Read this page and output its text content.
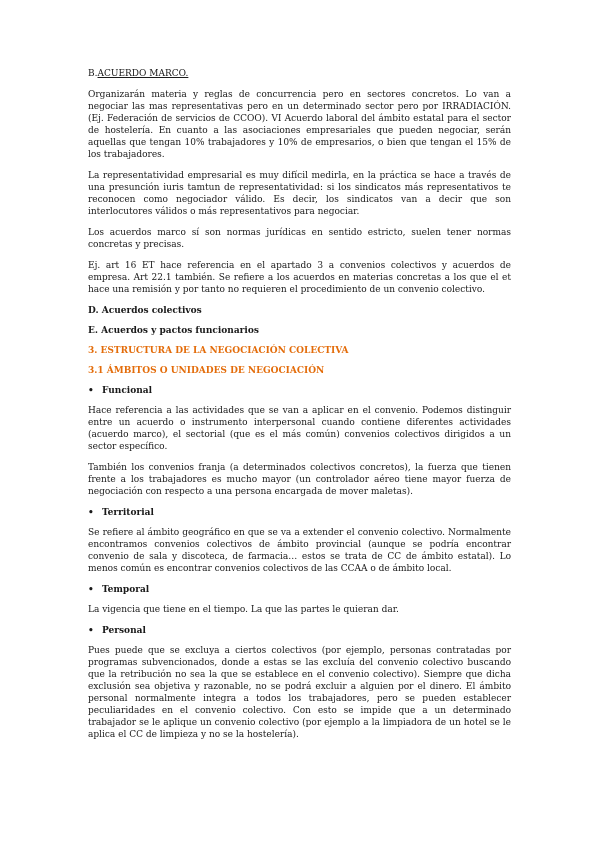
B.ACUERDO MARCO.

Organizarán materia y reglas de concurrencia pero en sectores concretos. Lo van a negociar las mas representativas pero en un determinado sector pero por IRRADIACIÓN. (Ej. Federación de servicios de CCOO). VI Acuerdo laboral del ámbito estatal para el sector de hostelería. En cuanto a las asociaciones empresariales que pueden negociar, serán aquellas que tengan 10% trabajadores y 10% de empresarios, o bien que tengan el 15% de los trabajadores.

La representatividad empresarial es muy difícil medirla, en la práctica se hace a través de una presunción iuris tamtun de representatividad: si los sindicatos más representativos te reconocen como negociador válido. Es decir, los sindicatos van a decir que son interlocutores válidos o más representativos para negociar.

Los acuerdos marco sí son normas jurídicas en sentido estricto, suelen tener normas concretas y precisas.

Ej. art 16 ET hace referencia en el apartado 3 a convenios colectivos y acuerdos de empresa. Art 22.1 también. Se refiere a los acuerdos en materias concretas a los que el et hace una remisión y por tanto no requieren el procedimiento de un convenio colectivo.

D. Acuerdos colectivos

E. Acuerdos y pactos funcionarios

3. ESTRUCTURA DE LA NEGOCIACIÓN COLECTIVA

3.1 ÁMBITOS O UNIDADES DE NEGOCIACIÓN

• Funcional

Hace referencia a las actividades que se van a aplicar en el convenio. Podemos distinguir entre un acuerdo o instrumento interpersonal cuando contiene diferentes actividades (acuerdo marco), el sectorial (que es el más común) convenios colectivos dirigidos a un sector específico.

También los convenios franja (a determinados colectivos concretos), la fuerza que tienen frente a los trabajadores es mucho mayor (un controlador aéreo tiene mayor fuerza de negociación con respecto a una persona encargada de mover maletas).

• Territorial

Se refiere al ámbito geográfico en que se va a extender el convenio colectivo. Normalmente encontramos convenios colectivos de ámbito provincial (aunque se podría encontrar convenio de sala y discoteca, de farmacia… estos se trata de CC de ámbito estatal). Lo menos común es encontrar convenios colectivos de las CCAA o de ámbito local.

• Temporal

La vigencia que tiene en el tiempo. La que las partes le quieran dar.

• Personal

Pues puede que se excluya a ciertos colectivos (por ejemplo, personas contratadas por programas subvencionados, donde a estas se las excluía del convenio colectivo buscando que la retribución no sea la que se establece en el convenio colectivo). Siempre que dicha exclusión sea objetiva y razonable, no se podrá excluir a alguien por el dinero. El ámbito personal normalmente integra a todos los trabajadores, pero se pueden establecer peculiaridades en el convenio colectivo. Con esto se impide que a un determinado trabajador se le aplique un convenio colectivo (por ejemplo a la limpiadora de un hotel se le aplica el CC de limpieza y no se la hostelería).
